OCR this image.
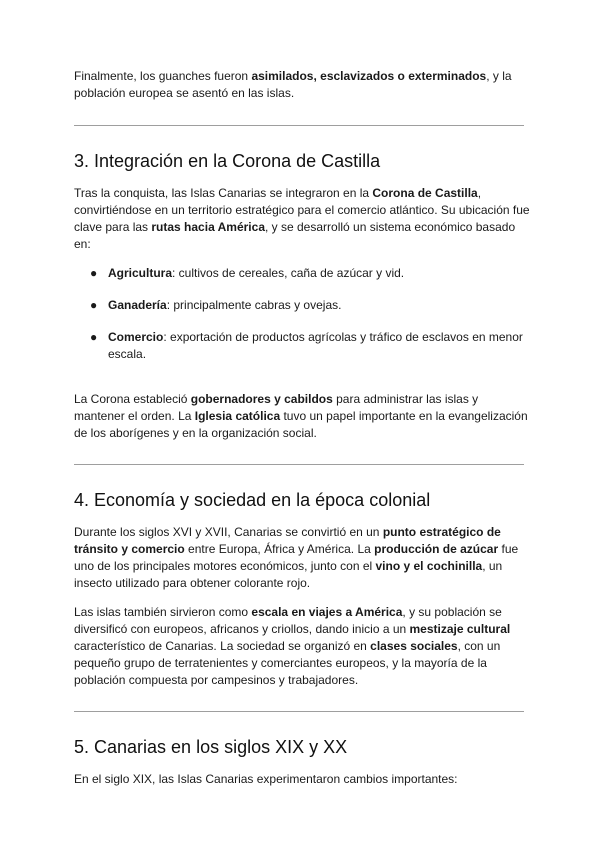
Finalmente, los guanches fueron asimilados, esclavizados o exterminados, y la población europea se asentó en las islas.

3. Integración en la Corona de Castilla

Tras la conquista, las Islas Canarias se integraron en la Corona de Castilla, convirtiéndose en un territorio estratégico para el comercio atlántico. Su ubicación fue clave para las rutas hacia América, y se desarrolló un sistema económico basado en:

● Agricultura: cultivos de cereales, caña de azúcar y vid.
● Ganadería: principalmente cabras y ovejas.
● Comercio: exportación de productos agrícolas y tráfico de esclavos en menor escala.

La Corona estableció gobernadores y cabildos para administrar las islas y mantener el orden. La Iglesia católica tuvo un papel importante en la evangelización de los aborígenes y en la organización social.

4. Economía y sociedad en la época colonial

Durante los siglos XVI y XVII, Canarias se convirtió en un punto estratégico de tránsito y comercio entre Europa, África y América. La producción de azúcar fue uno de los principales motores económicos, junto con el vino y el cochinilla, un insecto utilizado para obtener colorante rojo.

Las islas también sirvieron como escala en viajes a América, y su población se diversificó con europeos, africanos y criollos, dando inicio a un mestizaje cultural característico de Canarias. La sociedad se organizó en clases sociales, con un pequeño grupo de terratenientes y comerciantes europeos, y la mayoría de la población compuesta por campesinos y trabajadores.

5. Canarias en los siglos XIX y XX

En el siglo XIX, las Islas Canarias experimentaron cambios importantes:
